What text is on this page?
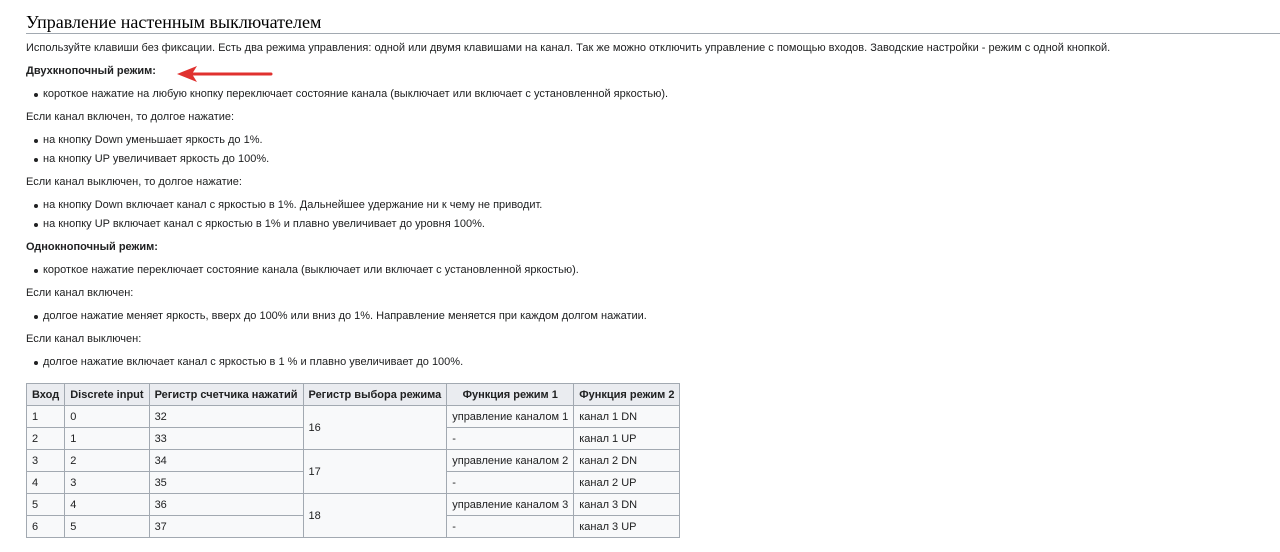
Управление настенным выключателем

Используйте клавиши без фиксации. Есть два режима управления: одной или двумя клавишами на канал. Так же можно отключить управление с помощью входов. Заводские настройки - режим с одной кнопкой.

Двухкнопочный режим:

короткое нажатие на любую кнопку переключает состояние канала (выключает или включает с установленной яркостью).

Если канал включен, то долгое нажатие:

на кнопку Down уменьшает яркость до 1%.
на кнопку UP увеличивает яркость до 100%.

Если канал выключен, то долгое нажатие:

на кнопку Down включает канал с яркостью в 1%. Дальнейшее удержание ни к чему не приводит.
на кнопку UP включает канал с яркостью в 1% и плавно увеличивает до уровня 100%.

Однокнопочный режим:

короткое нажатие переключает состояние канала (выключает или включает с установленной яркостью).

Если канал включен:

долгое нажатие меняет яркость, вверх до 100% или вниз до 1%. Направление меняется при каждом долгом нажатии.

Если канал выключен:

долгое нажатие включает канал с яркостью в 1 % и плавно увеличивает до 100%.
Вход	Discrete input	Регистр счетчика нажатий	Регистр выбора режима	Функция режим 1	Функция режим 2
1	0	32	16	управление каналом 1	канал 1 DN
2	1	33		-	канал 1 UP
3	2	34	17	управление каналом 2	канал 2 DN
4	3	35		-	канал 2 UP
5	4	36	18	управление каналом 3	канал 3 DN
6	5	37		-	канал 3 UP
